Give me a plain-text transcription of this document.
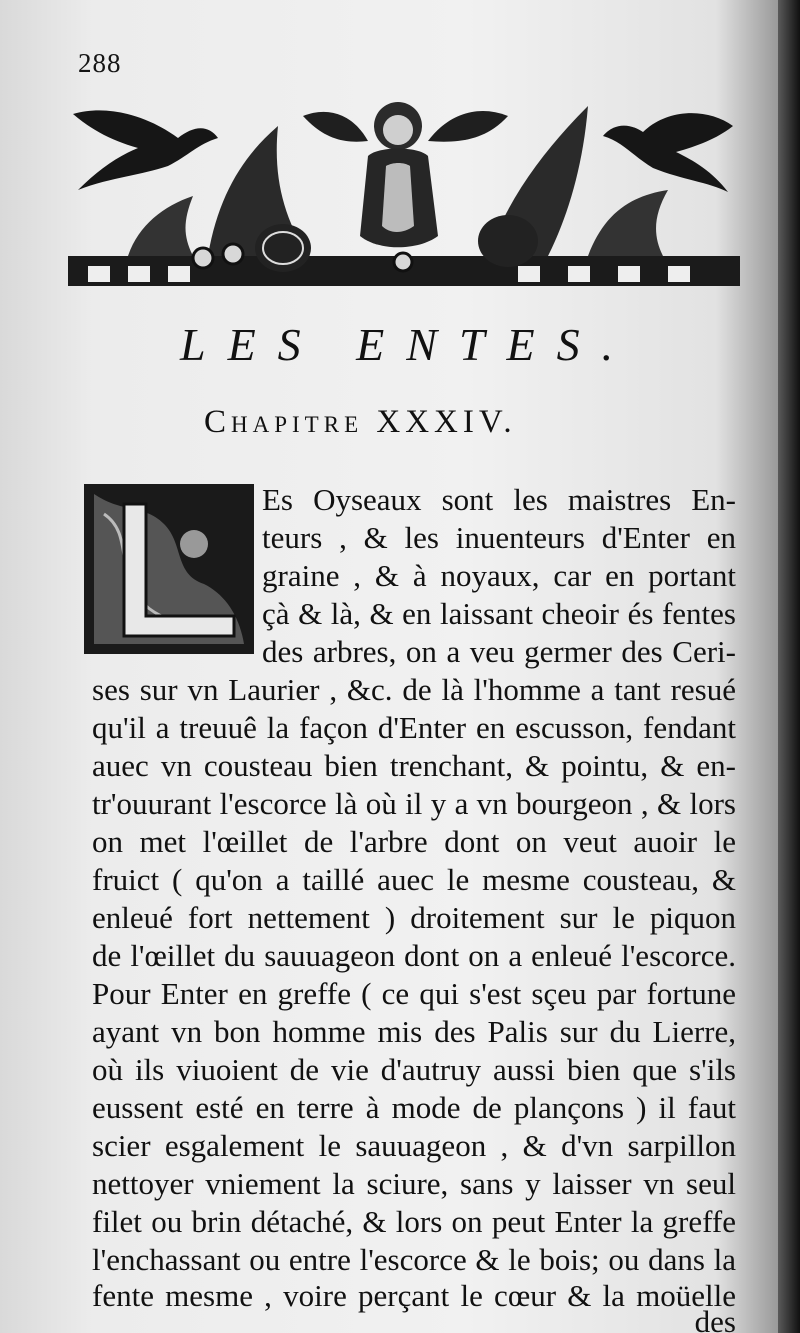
288
LES ENTES.
Chapitre XXXIV.
Es Oyseaux sont les maistres En-
teurs , & les inuenteurs d'Enter en
graine , & à noyaux, car en portant
çà & là, & en laissant cheoir és fentes
des arbres, on a veu germer des Ceri-
ses sur vn Laurier , &c. de là l'homme a tant resué
qu'il a treuuê la façon d'Enter en escusson, fendant
auec vn cousteau bien trenchant, & pointu, & en-
tr'ouurant l'escorce là où il y a vn bourgeon , & lors
on met l'œillet de l'arbre dont on veut auoir le
fruict ( qu'on a taillé auec le mesme cousteau, &
enleué fort nettement ) droitement sur le piquon
de l'œillet du sauuageon dont on a enleué l'escorce.
Pour Enter en greffe ( ce qui s'est sçeu par fortune
ayant vn bon homme mis des Palis sur du Lierre,
où ils viuoient de vie d'autruy aussi bien que s'ils
eussent esté en terre à mode de plançons ) il faut
scier esgalement le sauuageon , & d'vn sarpillon
nettoyer vniement la sciure, sans y laisser vn seul
filet ou brin détaché, & lors on peut Enter la greffe
l'enchassant ou entre l'escorce & le bois; ou dans la
fente mesme , voire perçant le cœur & la moüelle
des
